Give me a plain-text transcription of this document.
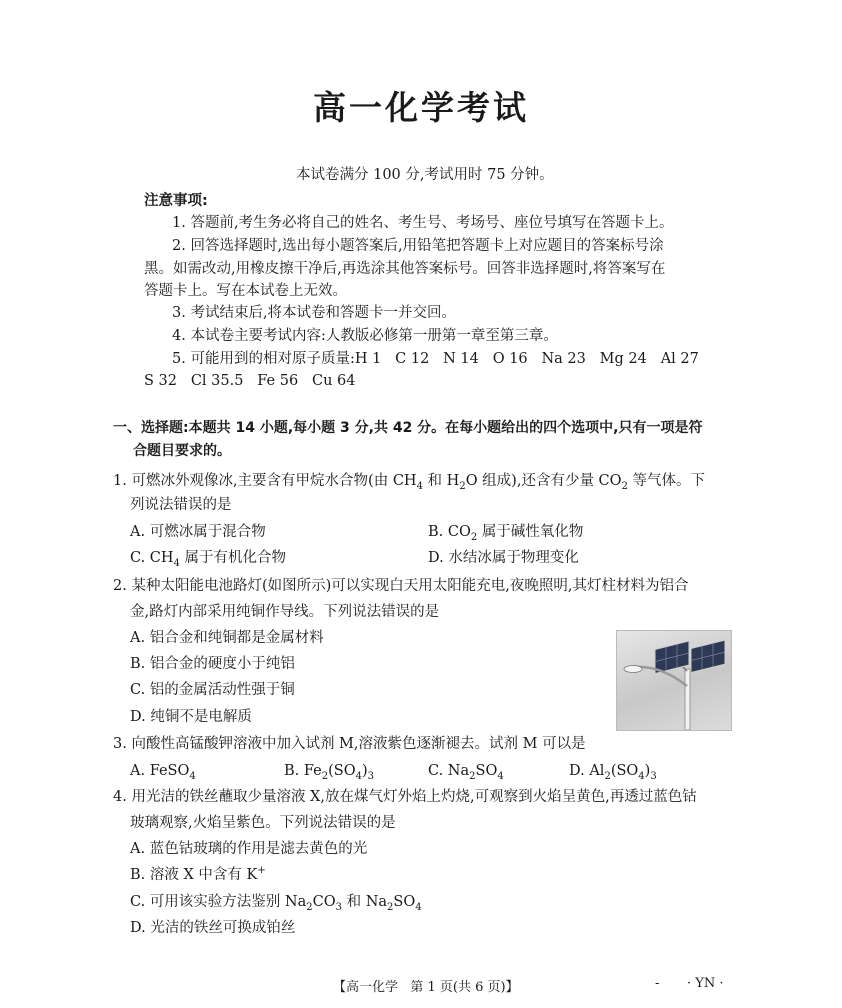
高一化学考试
本试卷满分 100 分,考试用时 75 分钟。
注意事项:
1. 答题前,考生务必将自己的姓名、考生号、考场号、座位号填写在答题卡上。
2. 回答选择题时,选出每小题答案后,用铅笔把答题卡上对应题目的答案标号涂
黑。如需改动,用橡皮擦干净后,再选涂其他答案标号。回答非选择题时,将答案写在
答题卡上。写在本试卷上无效。
3. 考试结束后,将本试卷和答题卡一并交回。
4. 本试卷主要考试内容:人教版必修第一册第一章至第三章。
5. 可能用到的相对原子质量:H 1   C 12   N 14   O 16   Na 23   Mg 24   Al 27
S 32   Cl 35.5   Fe 56   Cu 64
一、选择题:本题共 14 小题,每小题 3 分,共 42 分。在每小题给出的四个选项中,只有一项是符
合题目要求的。
1. 可燃冰外观像冰,主要含有甲烷水合物(由 $CH_4$ 和 $H_2O$ 组成),还含有少量 $CO_2$ 等气体。下
列说法错误的是
A. 可燃冰属于混合物	B. $CO_2$ 属于碱性氧化物
C. $CH_4$ 属于有机化合物	D. 水结冰属于物理变化
2. 某种太阳能电池路灯(如图所示)可以实现白天用太阳能充电,夜晚照明,其灯柱材料为铝合
金,路灯内部采用纯铜作导线。下列说法错误的是
A. 铝合金和纯铜都是金属材料
B. 铝合金的硬度小于纯铝
C. 铝的金属活动性强于铜
D. 纯铜不是电解质
3. 向酸性高锰酸钾溶液中加入试剂 M,溶液紫色逐渐褪去。试剂 M 可以是
A. FeSO$_4$	B. $Fe_2(SO_4)_3$	C. $Na_2SO_4$	D. $Al_2(SO_4)_3$
4. 用光洁的铁丝蘸取少量溶液 X,放在煤气灯外焰上灼烧,可观察到火焰呈黄色,再透过蓝色钴
玻璃观察,火焰呈紫色。下列说法错误的是
A. 蓝色钴玻璃的作用是滤去黄色的光
B. 溶液 X 中含有 K+
C. 可用该实验方法鉴别 $Na_2CO_3$ 和 $Na_2SO_4$
D. 光洁的铁丝可换成铂丝
【高一化学   第 1 页(共 6 页)】	- · YN ·
